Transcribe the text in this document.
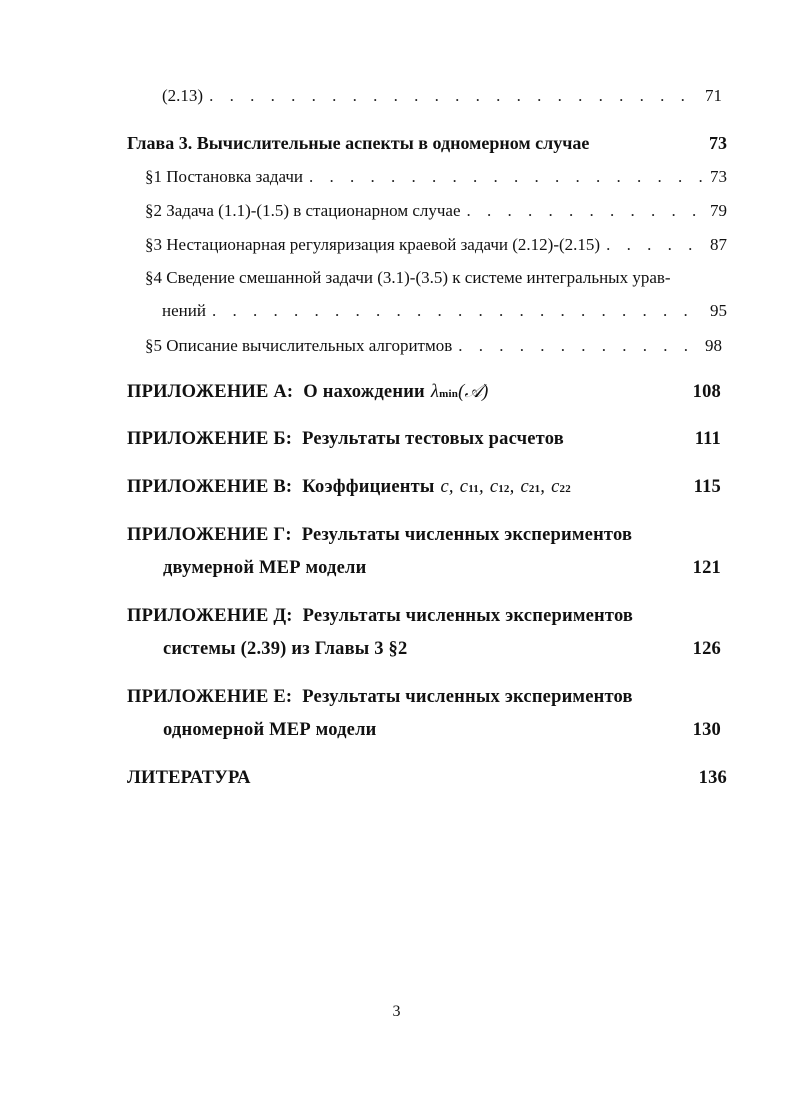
(2.13) . . .	71
Глава 3. Вычислительные аспекты в одномерном случае	73
§1 Постановка задачи . . .	73
§2 Задача (1.1)-(1.5) в стационарном случае . . .	79
§3 Нестационарная регуляризация краевой задачи (2.12)-(2.15) . . .	87
§4 Сведение смешанной задачи (3.1)-(3.5) к системе интегральных урав-
нений . . .	95
§5 Описание вычислительных алгоритмов . . .	98
ПРИЛОЖЕНИЕ А: О нахождении λ min (𝒜)	108
ПРИЛОЖЕНИЕ Б: Результаты тестовых расчетов	111
ПРИЛОЖЕНИЕ В: Коэффициенты c, c 11 , c 12 , c 21 , c 22	115
ПРИЛОЖЕНИЕ Г: Результаты численных экспериментов
двумерной МЕР модели	121
ПРИЛОЖЕНИЕ Д: Результаты численных экспериментов
системы (2.39) из Главы 3 §2	126
ПРИЛОЖЕНИЕ Е: Результаты численных экспериментов
одномерной МЕР модели	130
ЛИТЕРАТУРА	136
3
